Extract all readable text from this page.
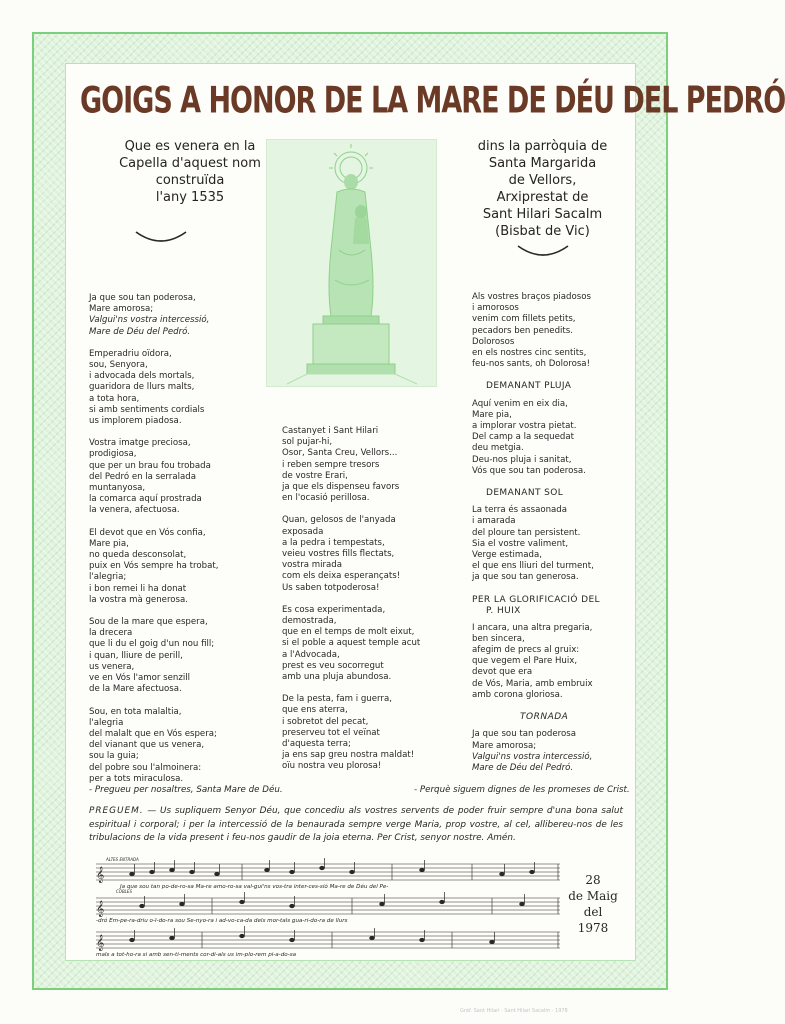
GOIGS A HONOR DE LA MARE DE DÉU DEL PEDRÓ
Que es venera en la
Capella d'aquest nom
construïda
l'any 1535
dins la parròquia de
Santa Margarida
de Vellors,
Arxiprestat de
Sant Hilari Sacalm
(Bisbat de Vic)
Ja que sou tan poderosa,
Mare amorosa;
Valgui'ns vostra intercessió,
Mare de Déu del Pedró.
Emperadriu oïdora,
sou, Senyora,
i advocada dels mortals,
guaridora de llurs malts,
a tota hora,
si amb sentiments cordials
us implorem piadosa.
Vostra imatge preciosa,
prodigiosa,
que per un brau fou trobada
del Pedró en la serralada
muntanyosa,
la comarca aquí prostrada
la venera, afectuosa.
El devot que en Vós confia,
Mare pia,
no queda desconsolat,
puix en Vós sempre ha trobat,
l'alegria;
i bon remei li ha donat
la vostra mà generosa.
Sou de la mare que espera,
la drecera
que li du el goig d'un nou fill;
i quan, lliure de perill,
us venera,
ve en Vós l'amor senzill
de la Mare afectuosa.
Sou, en tota malaltia,
l'alegria
del malalt que en Vós espera;
del vianant que us venera,
sou la guia;
del pobre sou l'almoinera:
per a tots miraculosa.
Castanyet i Sant Hilari
sol pujar-hi,
Osor, Santa Creu, Vellors...
i reben sempre tresors
de vostre Erari,
ja que els dispenseu favors
en l'ocasió perillosa.
Quan, gelosos de l'anyada
exposada
a la pedra i tempestats,
veieu vostres fills flectats,
vostra mirada
com els deixa esperançats!
Us saben totpoderosa!
Es cosa experimentada,
demostrada,
que en el temps de molt eixut,
si el poble a aquest temple acut
a l'Advocada,
prest es veu socorregut
amb una pluja abundosa.
De la pesta, fam i guerra,
que ens aterra,
i sobretot del pecat,
preserveu tot el veïnat
d'aquesta terra;
ja ens sap greu nostra maldat!
oïu nostra veu plorosa!
Als vostres braços piadosos
i amorosos
venim com fillets petits,
pecadors ben penedits.
Dolorosos
en els nostres cinc sentits,
feu-nos sants, oh Dolorosa!
DEMANANT PLUJA
Aquí venim en eix dia,
Mare pia,
a implorar vostra pietat.
Del camp a la sequedat
deu metgia.
Deu-nos pluja i sanitat,
Vós que sou tan poderosa.
DEMANANT SOL
La terra és assaonada
i amarada
del ploure tan persistent.
Sia el vostre valiment,
Verge estimada,
el que ens lliuri del turment,
ja que sou tan generosa.
PER LA GLORIFICACIÓ DEL
P. HUIX
I ancara, una altra pregaria,
ben sincera,
afegim de precs al gruix:
que vegem el Pare Huix,
devot que era
de Vós, Maria, amb embruix
amb corona gloriosa.
TORNADA
Ja que sou tan poderosa
Mare amorosa;
Valgui'ns vostra intercessió,
Mare de Déu del Pedró.
- Pregueu per nosaltres, Santa Mare de Déu.	- Perquè siguem dignes de les promeses de Crist.
PREGUEM. — Us supliquem Senyor Déu, que concediu als vostres servents de poder fruir sempre d'una bona salut espiritual i corporal; i per la intercessió de la benaurada sempre verge Maria, prop vostre, al cel, allibereu-nos de les tribulacions de la vida present i feu-nos gaudir de la joia eterna. Per Crist, senyor nostre. Amén.
𝄞
𝄞
𝄞
ALTES ENTRADA
COBLES
Ja que sou tan po-de-ro-sa Ma-re amo-ro-sa val-gui'ns vos-tra inter-ces-sió Ma-re de Déu del Pe-
-dró Em-pe-ra-driu o-ï-do-ra sou Se-nyo-ra i ad-vo-ca-da dels mor-tals gua-ri-do-ra de llurs
mals a tot-ho-ra si amb sen-ti-ments cor-di-als us im-plo-rem pi-a-do-sa
28
de Maig
del
1978
Gràf. Sant Hilari · Sant Hilari Sacalm · 1978
